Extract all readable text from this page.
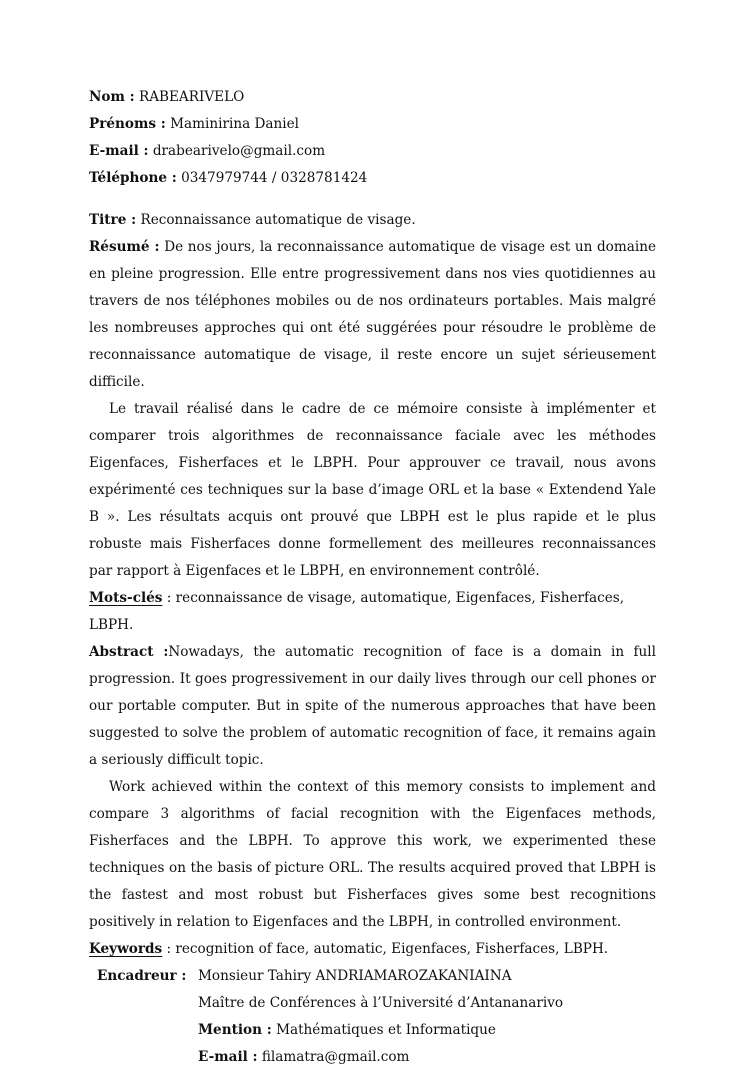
Nom : RABEARIVELO

Prénoms : Maminirina Daniel

E-mail : drabearivelo@gmail.com

Téléphone : 0347979744 / 0328781424

Titre : Reconnaissance automatique de visage.

Résumé : De nos jours, la reconnaissance automatique de visage est un domaine en pleine progression. Elle entre progressivement dans nos vies quotidiennes au travers de nos téléphones mobiles ou de nos ordinateurs portables. Mais malgré les nombreuses approches qui ont été suggérées pour résoudre le problème de reconnaissance automatique de visage, il reste encore un sujet sérieusement difficile.

Le travail réalisé dans le cadre de ce mémoire consiste à implémenter et comparer trois algorithmes de reconnaissance faciale avec les méthodes Eigenfaces, Fisherfaces et le LBPH. Pour approuver ce travail, nous avons expérimenté ces techniques sur la base d’image ORL et la base « Extendend Yale B ». Les résultats acquis ont prouvé que LBPH est le plus rapide et le plus robuste mais Fisherfaces donne formellement des meilleures reconnaissances par rapport à Eigenfaces et le LBPH, en environnement contrôlé.

Mots-clés : reconnaissance de visage, automatique, Eigenfaces, Fisherfaces, LBPH.

Abstract :Nowadays, the automatic recognition of face is a domain in full progression. It goes progressivement in our daily lives through our cell phones or our portable computer. But in spite of the numerous approaches that have been suggested to solve the problem of automatic recognition of face, it remains again a seriously difficult topic.

Work achieved within the context of this memory consists to implement and compare 3 algorithms of facial recognition with the Eigenfaces methods, Fisherfaces and the LBPH. To approve this work, we experimented these techniques on the basis of picture ORL. The results acquired proved that LBPH is the fastest and most robust but Fisherfaces gives some best recognitions positively in relation to Eigenfaces and the LBPH, in controlled environment.

Keywords : recognition of face, automatic, Eigenfaces, Fisherfaces, LBPH.

Encadreur : Monsieur Tahiry ANDRIAMAROZAKANIAINA
Maître de Conférences à l’Université d’Antananarivo
Mention : Mathématiques et Informatique
E-mail : filamatra@gmail.com
